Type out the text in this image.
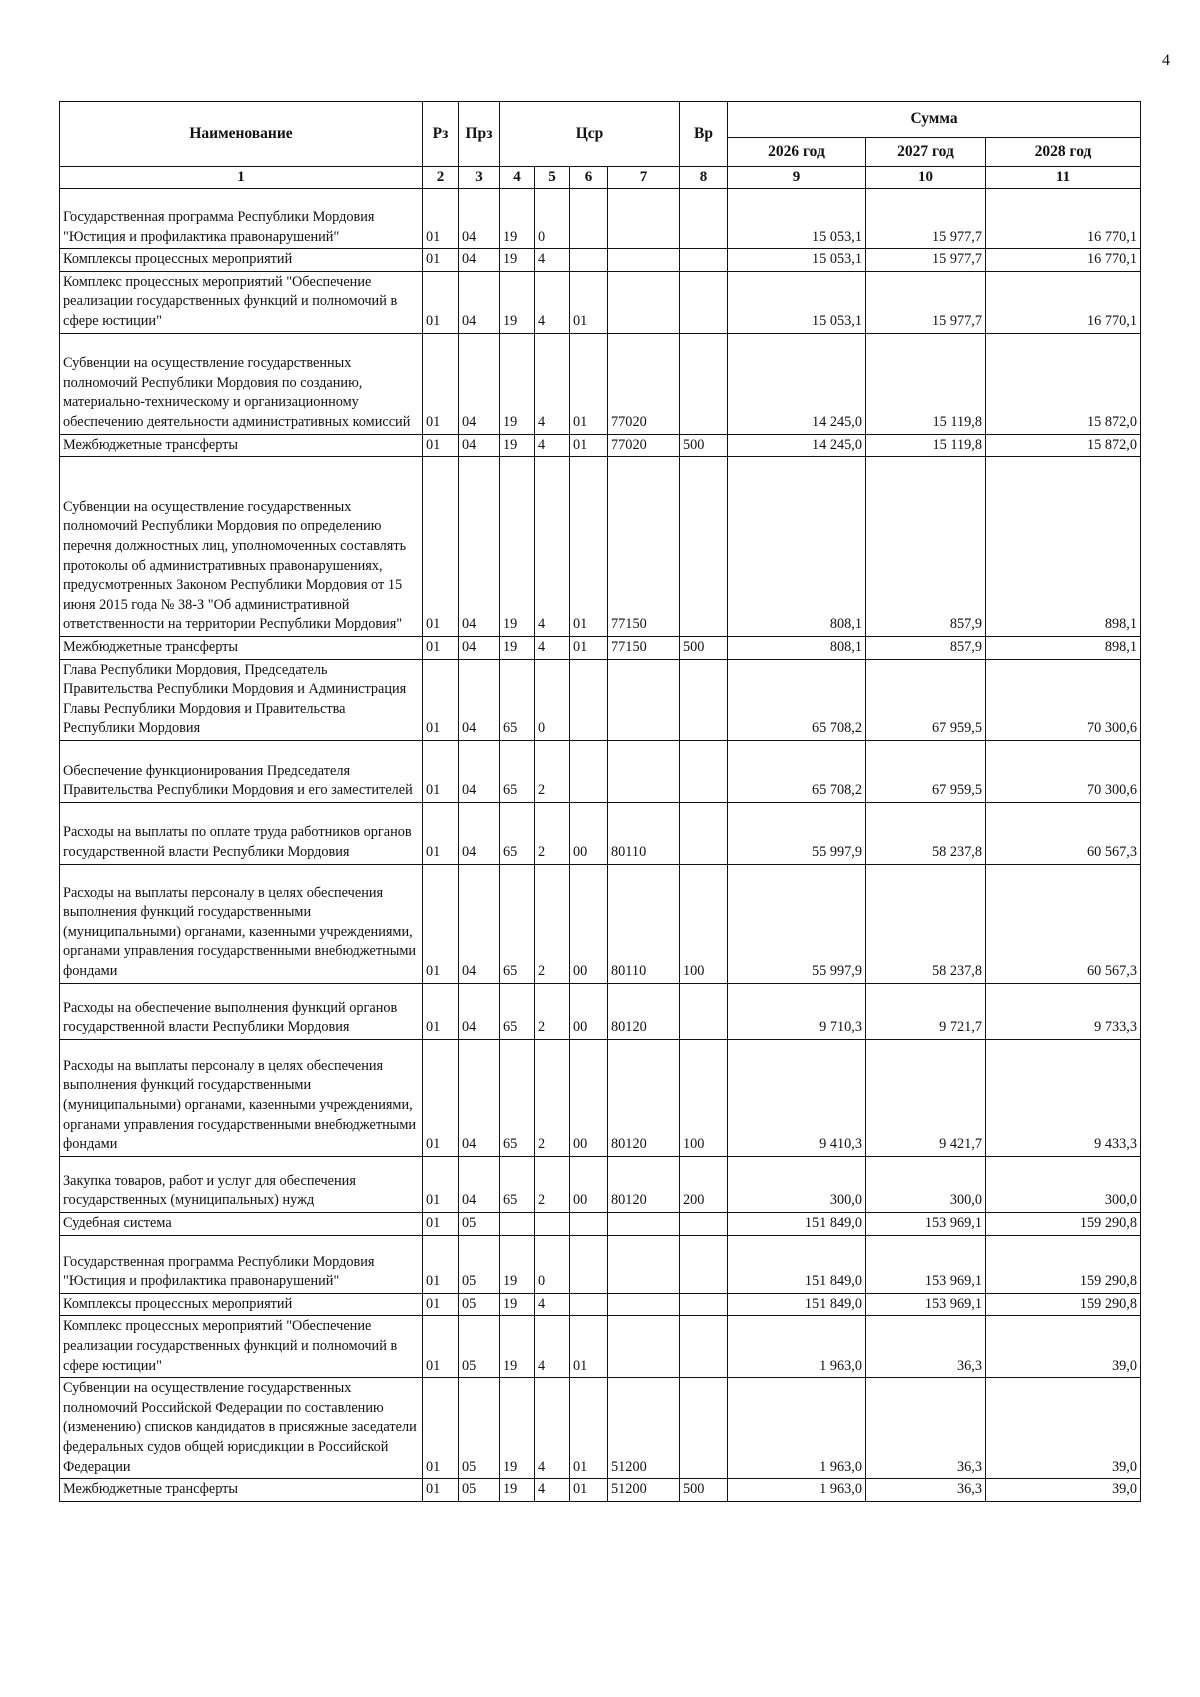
4
Наименование	Рз	Прз	Цср				Вр	Сумма		
								2026 год	2027 год	2028 год
1	2	3	4	5	6	7	8	9	10	11
Государственная программа Республики Мордовия "Юстиция и профилактика правонарушений"	01	04	19	0				15 053,1	15 977,7	16 770,1
Комплексы процессных мероприятий	01	04	19	4				15 053,1	15 977,7	16 770,1
Комплекс процессных мероприятий "Обеспечение реализации государственных функций и полномочий в сфере юстиции"	01	04	19	4	01			15 053,1	15 977,7	16 770,1
Субвенции на осуществление государственных полномочий Республики Мордовия по созданию, материально-техническому и организационному обеспечению деятельности административных комиссий	01	04	19	4	01	77020		14 245,0	15 119,8	15 872,0
Межбюджетные трансферты	01	04	19	4	01	77020	500	14 245,0	15 119,8	15 872,0
Субвенции на осуществление государственных полномочий Республики Мордовия по определению перечня должностных лиц, уполномоченных составлять протоколы об административных правонарушениях, предусмотренных Законом Республики Мордовия от 15 июня 2015 года № 38-З "Об административной ответственности на территории Республики Мордовия"	01	04	19	4	01	77150		808,1	857,9	898,1
Межбюджетные трансферты	01	04	19	4	01	77150	500	808,1	857,9	898,1
Глава Республики Мордовия, Председатель Правительства Республики Мордовия и Администрация Главы Республики Мордовия и Правительства Республики Мордовия	01	04	65	0				65 708,2	67 959,5	70 300,6
Обеспечение функционирования Председателя Правительства Республики Мордовия и его заместителей	01	04	65	2				65 708,2	67 959,5	70 300,6
Расходы на выплаты по оплате труда работников органов государственной власти Республики Мордовия	01	04	65	2	00	80110		55 997,9	58 237,8	60 567,3
Расходы на выплаты персоналу в целях обеспечения выполнения функций государственными (муниципальными) органами, казенными учреждениями, органами управления государственными внебюджетными фондами	01	04	65	2	00	80110	100	55 997,9	58 237,8	60 567,3
Расходы на обеспечение выполнения функций органов государственной власти Республики Мордовия	01	04	65	2	00	80120		9 710,3	9 721,7	9 733,3
Расходы на выплаты персоналу в целях обеспечения выполнения функций государственными (муниципальными) органами, казенными учреждениями, органами управления государственными внебюджетными фондами	01	04	65	2	00	80120	100	9 410,3	9 421,7	9 433,3
Закупка товаров, работ и услуг для обеспечения государственных (муниципальных) нужд	01	04	65	2	00	80120	200	300,0	300,0	300,0
Судебная система	01	05						151 849,0	153 969,1	159 290,8
Государственная программа Республики Мордовия "Юстиция и профилактика правонарушений"	01	05	19	0				151 849,0	153 969,1	159 290,8
Комплексы процессных мероприятий	01	05	19	4				151 849,0	153 969,1	159 290,8
Комплекс процессных мероприятий "Обеспечение реализации государственных функций и полномочий в сфере юстиции"	01	05	19	4	01			1 963,0	36,3	39,0
Субвенции на осуществление государственных полномочий Российской Федерации по составлению (изменению) списков кандидатов в присяжные заседатели федеральных судов общей юрисдикции в Российской Федерации	01	05	19	4	01	51200		1 963,0	36,3	39,0
Межбюджетные трансферты	01	05	19	4	01	51200	500	1 963,0	36,3	39,0
